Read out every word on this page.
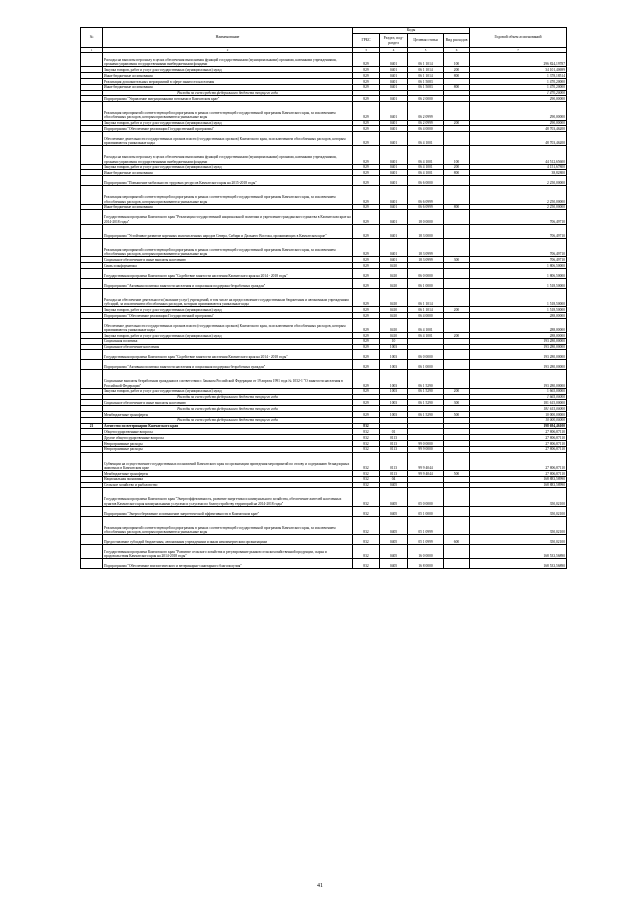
№	Наименование	Коды				Годовой объем ассигнований
		ГРБС	Раздел, под-раздел	Целевая статья	Вид расходов	
1	2	3	4	5	6	7
	Расходы на выплаты персоналу в целях обеспечения выполнения функций государственными (муниципальными) органами, казенными учреждениями, органами управления государственными внебюджетными фондами	829	0401	06 1 1014	100	296 824,19787
	Закупка товаров, работ и услуг для государственных (муниципальных) нужд	829	0401	06 1 1014	200	34 101,40699
	Иные бюджетные ассигнования	829	0401	06 1 1014	800	1 378,18514
	Реализация дополнительных мероприятий в сфере занятости населения	829	0401	06 1 5083		1 470,20000
	Иные бюджетные ассигнования	829	0401	06 1 5083	800	1 470,20000
	Расходы за счет средств федерального бюджета текущего года					1 470,20000
	Подпрограмма "Управление миграционными потоками в Камчатском крае"	829	0401	06 2 0000		290,00000
	Реализация мероприятий соответствующей подпрограммы в рамках соответствующей государственной программы Камчатского края, за исключением обособленных расходов, которым присваиваются уникальные коды	829	0401	06 2 0999		290,00000
	Закупка товаров, работ и услуг для государственных (муниципальных) нужд	829	0401	06 2 0999	200	290,00000
	Подпрограмма "Обеспечение реализации Государственной программы"	829	0401	06 4 0000		48 703,46200
	Обеспечение деятельности государственных органов власти (государственных органов) Камчатского края, за исключением обособленных расходов, которым присваиваются уникальные коды	829	0401	06 4 1001		48 703,46200
	Расходы на выплаты персоналу в целях обеспечения выполнения функций государственными (муниципальными) органами, казенными учреждениями, органами управления государственными внебюджетными фондами	829	0401	06 4 1001	100	44 512,65600
	Закупка товаров, работ и услуг для государственных (муниципальных) нужд	829	0401	06 4 1001	200	4 151,67800
	Иные бюджетные ассигнования	829	0401	06 4 1001	800	38,82800
	Подпрограмма "Повышение мобильности трудовых ресурсов Камчатского края на 2015-2018 годы"	829	0401	06 6 0000		2 250,00000
	Реализация мероприятий соответствующей подпрограммы в рамках соответствующей государственной программы Камчатского края, за исключением обособленных расходов, которым присваиваются уникальные коды	829	0401	06 6 0999		2 250,00000
	Иные бюджетные ассигнования	829	0401	06 6 0999	800	2 250,00000
	Государственная программа Камчатского края "Реализация государственной национальной политики и укрепление гражданского единства в Камчатском крае на 2014-2018 годы"	829	0401	18 0 0000		706,49710
	Подпрограмма "Устойчивое развитие коренных малочисленных народов Севера, Сибири и Дальнего Востока, проживающих в Камчатском крае"	829	0401	18 3 0000		706,49710
	Реализация мероприятий соответствующей подпрограммы в рамках соответствующей государственной программы Камчатского края, за исключением обособленных расходов, которым присваиваются уникальные коды	829	0401	18 3 0999		706,49710
	Социальное обеспечение и иные выплаты населению	829	0401	18 3 0999	300	706,49710
	Связь и информатика	829	0410			1 806,50000
	Государственная программа Камчатского края "Содействие занятости населения Камчатского края на 2014 - 2018 годы"	829	0410	06 0 0000		1 806,50000
	Подпрограмма "Активная политика занятости населения и социальная поддержка безработных граждан"	829	0410	06 1 0000		1 518,50000
	Расходы на обеспечение деятельности (оказание услуг) учреждений, в том числе на предоставление государственным бюджетным и автономным учреждениям субсидий, за исключением обособленных расходов, которым присваиваются уникальные коды	829	0410	06 1 1014		1 518,50000
	Закупка товаров, работ и услуг для государственных (муниципальных) нужд	829	0410	06 1 1014	200	1 518,50000
	Подпрограмма "Обеспечение реализации Государственной программы"	829	0410	06 4 0000		288,00000
	Обеспечение деятельности государственных органов власти (государственных органов) Камчатского края, за исключением обособленных расходов, которым присваиваются уникальные коды	829	0410	06 4 1001		288,00000
	Закупка товаров, работ и услуг для государственных (муниципальных) нужд	829	0410	06 4 1001	200	288,00000
	Социальная политика	829	10			193 280,00000
	Социальное обеспечение населения	829	1003			193 280,00000
	Государственная программа Камчатского края "Содействие занятости населения Камчатского края на 2014 - 2018 годы"	829	1003	06 0 0000		193 280,00000
	Подпрограмма "Активная политика занятости населения и социальная поддержка безработных граждан"	829	1003	06 1 0000		193 280,00000
	Социальные выплаты безработным гражданам в соответствии с Законом Российской Федерации от 19 апреля 1991 года № 1032-1 "О занятости населения в Российской Федерации"	829	1003	06 1 5290		193 280,00000
	Закупка товаров, работ и услуг для государственных (муниципальных) нужд	829	1003	06 1 5290	200	1 665,00000
	Расходы за счет средств федерального бюджета текущего года					1 665,00000
	Социальное обеспечение и иные выплаты населению	829	1003	06 1 5290	300	181 615,00000
	Расходы за счет средств федерального бюджета текущего года					181 615,00000
	Межбюджетные трансферты	829	1003	06 1 5290	500	10 000,00000
	Расходы за счет средств федерального бюджета текущего года					10 000,00000
21	Агентство по ветеринарии Камчатского края	832				198 694,46100
	Общегосударственные вопросы	832	01			27 806,87110
	Другие общегосударственные вопросы	832	0113			27 806,87110
	Непрограммные расходы	832	0113	99 0 0000		27 806,87110
	Непрограммные расходы	832	0113	99 9 0000		27 806,87110
	Субвенции на осуществление государственных полномочий Камчатского края по организации проведения мероприятий по отлову и содержанию безнадзорных животных в Камчатском крае	832	0113	99 9 4044		27 806,87110
	Межбюджетные трансферты	832	0113	99 9 4044	500	27 806,87110
	Национальная экономика	832	04			168 883,58990
	Сельское хозяйство и рыболовство	832	0405			168 883,58990
	Государственная программа Камчатского края "Энергоэффективность, развитие энергетики и коммунального хозяйства, обеспечение жителей населенных пунктов Камчатского края коммунальными услугами и услугами по благоустройству территорий на 2014-2018 годы"	832	0405	05 0 0000		350,02100
	Подпрограмма "Энергосбережение и повышение энергетической эффективности в Камчатском крае"	832	0405	05 1 0000		350,02100
	Реализация мероприятий соответствующей подпрограммы в рамках соответствующей государственной программы Камчатского края, за исключением обособленных расходов, которым присваиваются уникальные коды	832	0405	05 1 0999		350,02100
	Предоставление субсидий бюджетным, автономным учреждениям и иным некоммерческим организациям	832	0405	05 1 0999	600	350,02100
	Государственная программа Камчатского края "Развитие сельского хозяйства и регулирование рынков сельскохозяйственной продукции, сырья и продовольствия Камчатского края на 2014-2018 годы"	832	0405	16 0 0000		168 533,56890
	Подпрограмма "Обеспечение эпизоотического и ветеринарно-санитарного благополучия"	832	0405	16 8 0000		168 533,56890
41
